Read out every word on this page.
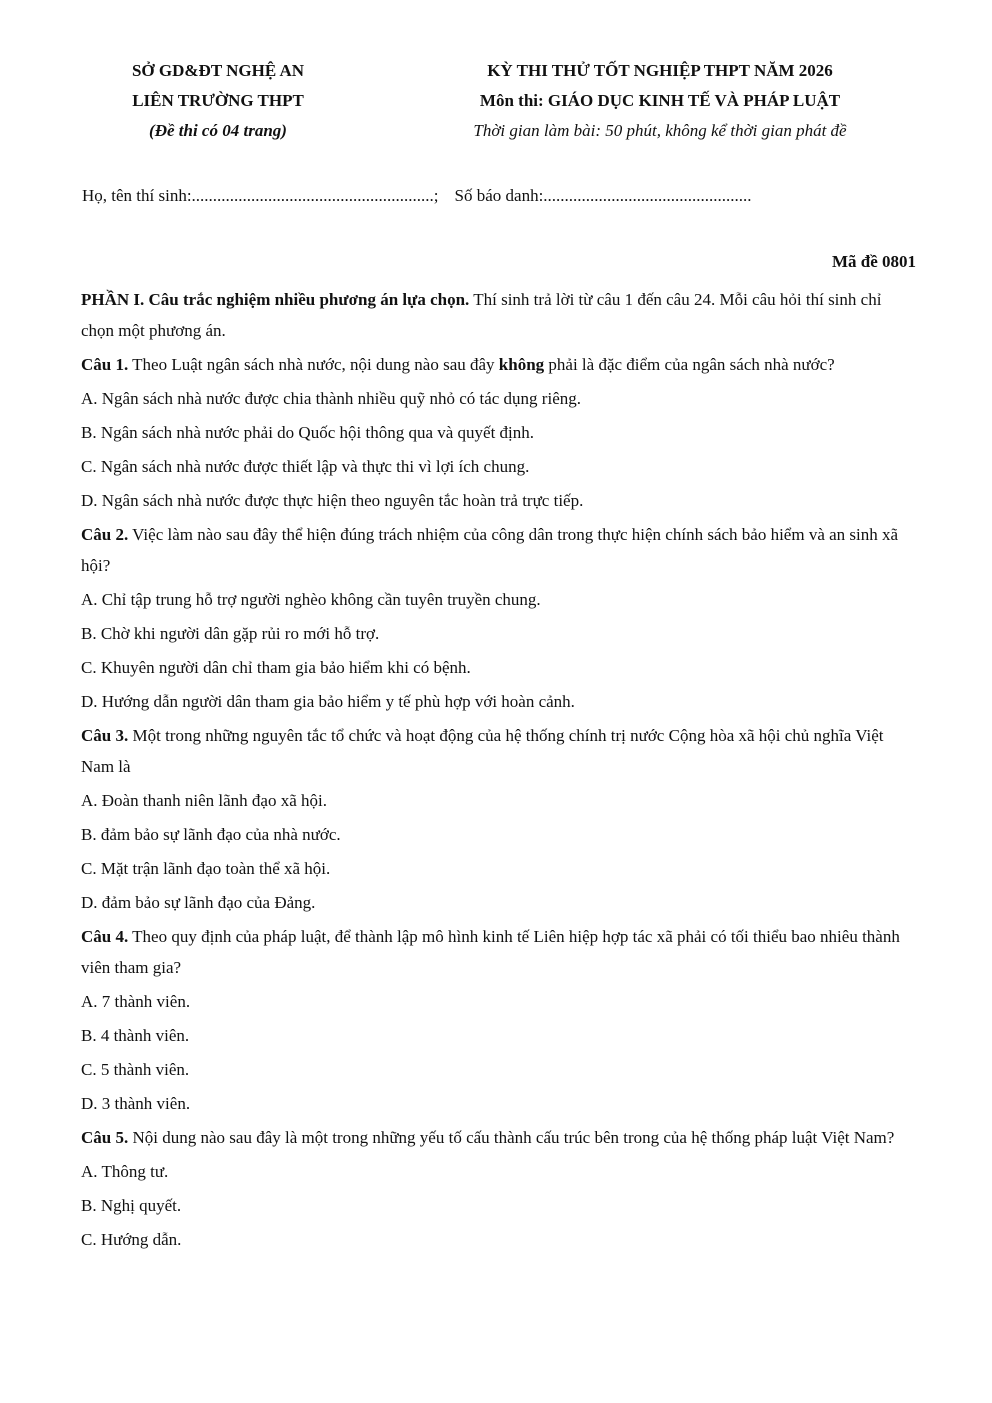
SỞ GD&ĐT NGHỆ AN
LIÊN TRƯỜNG THPT
(Đề thi có 04 trang)
KỲ THI THỬ TỐT NGHIỆP THPT NĂM 2026
Môn thi: GIÁO DỤC KINH TẾ VÀ PHÁP LUẬT
Thời gian làm bài: 50 phút, không kể thời gian phát đề
Họ, tên thí sinh:.........................................................; Số báo danh:.................................................
Mã đề 0801

PHẦN I. Câu trắc nghiệm nhiều phương án lựa chọn. Thí sinh trả lời từ câu 1 đến câu 24. Mỗi câu hỏi thí sinh chỉ chọn một phương án.

Câu 1. Theo Luật ngân sách nhà nước, nội dung nào sau đây không phải là đặc điểm của ngân sách nhà nước?

A. Ngân sách nhà nước được chia thành nhiều quỹ nhỏ có tác dụng riêng.

B. Ngân sách nhà nước phải do Quốc hội thông qua và quyết định.

C. Ngân sách nhà nước được thiết lập và thực thi vì lợi ích chung.

D. Ngân sách nhà nước được thực hiện theo nguyên tắc hoàn trả trực tiếp.

Câu 2. Việc làm nào sau đây thể hiện đúng trách nhiệm của công dân trong thực hiện chính sách bảo hiểm và an sinh xã hội?

A. Chỉ tập trung hỗ trợ người nghèo không cần tuyên truyền chung.

B. Chờ khi người dân gặp rủi ro mới hỗ trợ.

C. Khuyên người dân chỉ tham gia bảo hiểm khi có bệnh.

D. Hướng dẫn người dân tham gia bảo hiểm y tế phù hợp với hoàn cảnh.

Câu 3. Một trong những nguyên tắc tổ chức và hoạt động của hệ thống chính trị nước Cộng hòa xã hội chủ nghĩa Việt Nam là

A. Đoàn thanh niên lãnh đạo xã hội.

B. đảm bảo sự lãnh đạo của nhà nước.

C. Mặt trận lãnh đạo toàn thể xã hội.

D. đảm bảo sự lãnh đạo của Đảng.

Câu 4. Theo quy định của pháp luật, để thành lập mô hình kinh tế Liên hiệp hợp tác xã phải có tối thiểu bao nhiêu thành viên tham gia?

A. 7 thành viên.

B. 4 thành viên.

C. 5 thành viên.

D. 3 thành viên.

Câu 5. Nội dung nào sau đây là một trong những yếu tố cấu thành cấu trúc bên trong của hệ thống pháp luật Việt Nam?

A. Thông tư.

B. Nghị quyết.

C. Hướng dẫn.
